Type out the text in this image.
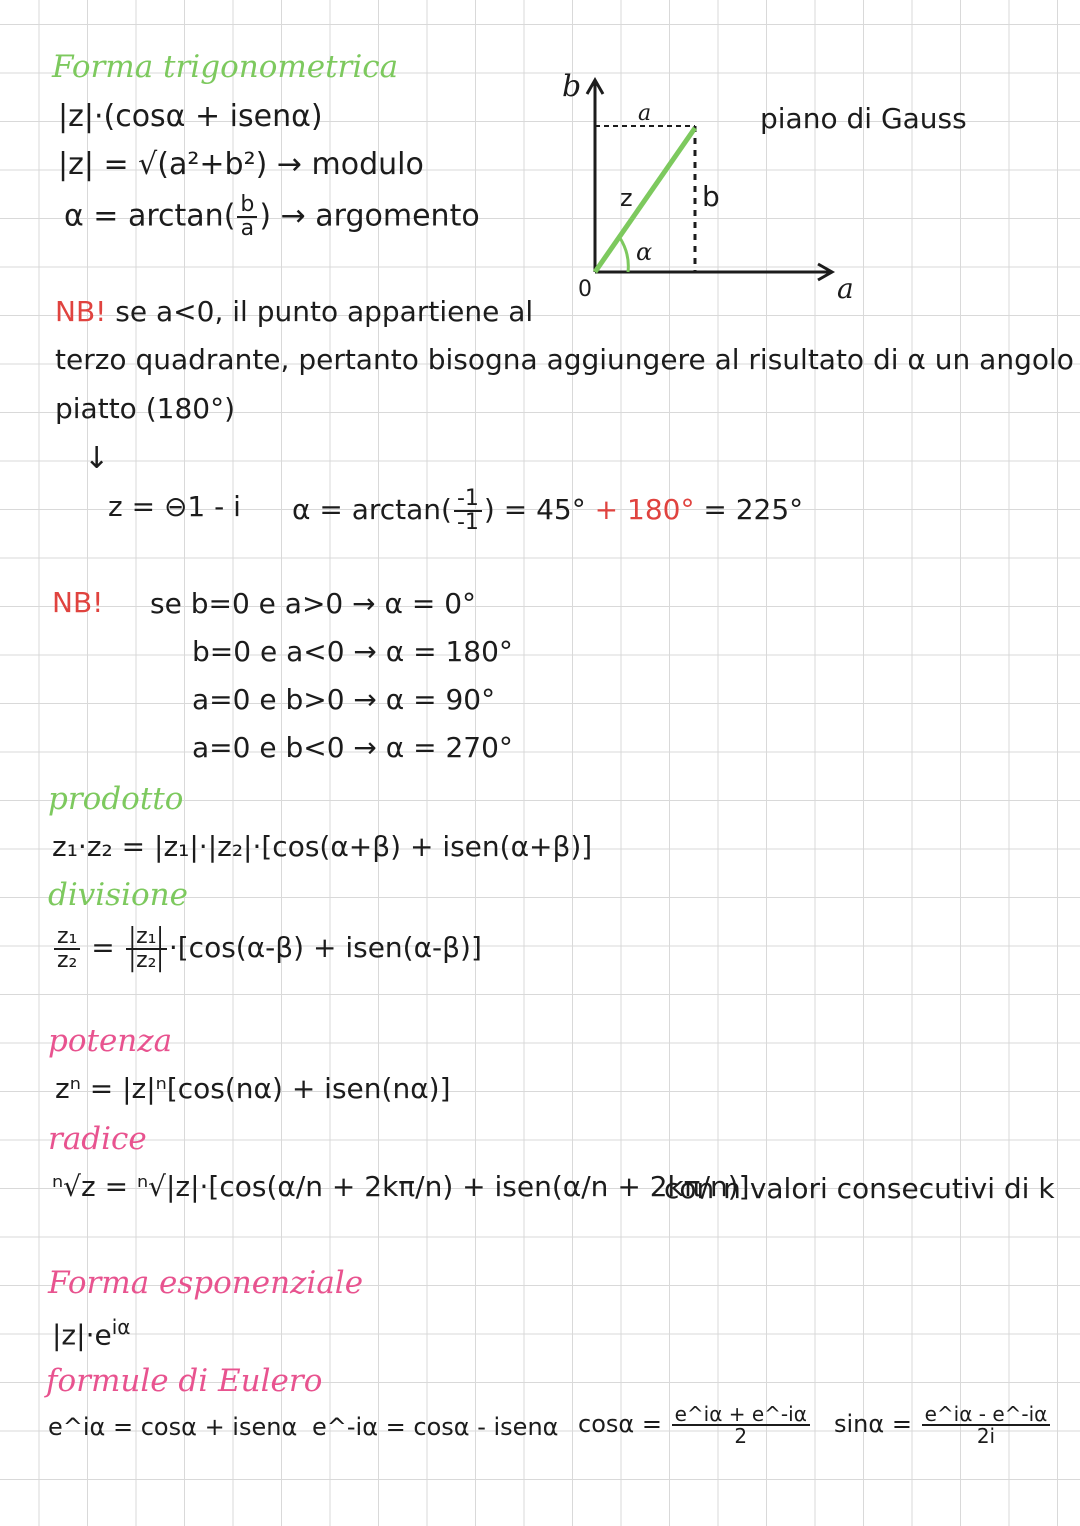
Forma trigonometrica
|z|·(cosα + isenα)
|z| = √(a²+b²) → modulo
$\alpha = \arctan( \frac{b}{a}$ ) → argomento
b
a
0
a
b
z
α
piano di Gauss
NB! se a<0, il punto appartiene al
terzo quadrante, pertanto bisogna aggiungere al risultato di α un angolo
piatto (180°)
↓
z = ⊖1 - i $\alpha = \arctan( \frac{-1}{-1}$ ) = 45° + 180° = 225°
NB! se b=0 e a>0 → α = 0°
b=0 e a<0 → α = 180°
a=0 e b>0 → α = 90°
a=0 e b<0 → α = 270°
prodotto
z₁·z₂ = |z₁|·|z₂|·[cos(α+β) + isen(α+β)]
divisione
$\frac{\text{z₁}}{\text{z₂}} = \frac{\text{|z₁|}}{\text{|z₂|}} \cdot[\cos(\alpha-\beta)$ + isen(α-β)]
potenza
zⁿ = |z|ⁿ[cos(nα) + isen(nα)]
radice
ⁿ√z = ⁿ√|z|·[cos(α/n + 2kπ/n) + isen(α/n + 2kπ/n)]
con n valori consecutivi di k
Forma esponenziale
$|z|\cdot e^{i\alpha}$
formule di Eulero
e^iα = cosα + isenα e^-iα = cosα - isenα $\cos\alpha = \frac{e\^{}i\alpha + e\^{}-i\alpha}{2}$ $\sin\alpha = \frac{e\^{}i\alpha - e\^{}-i\alpha}{2i}$
